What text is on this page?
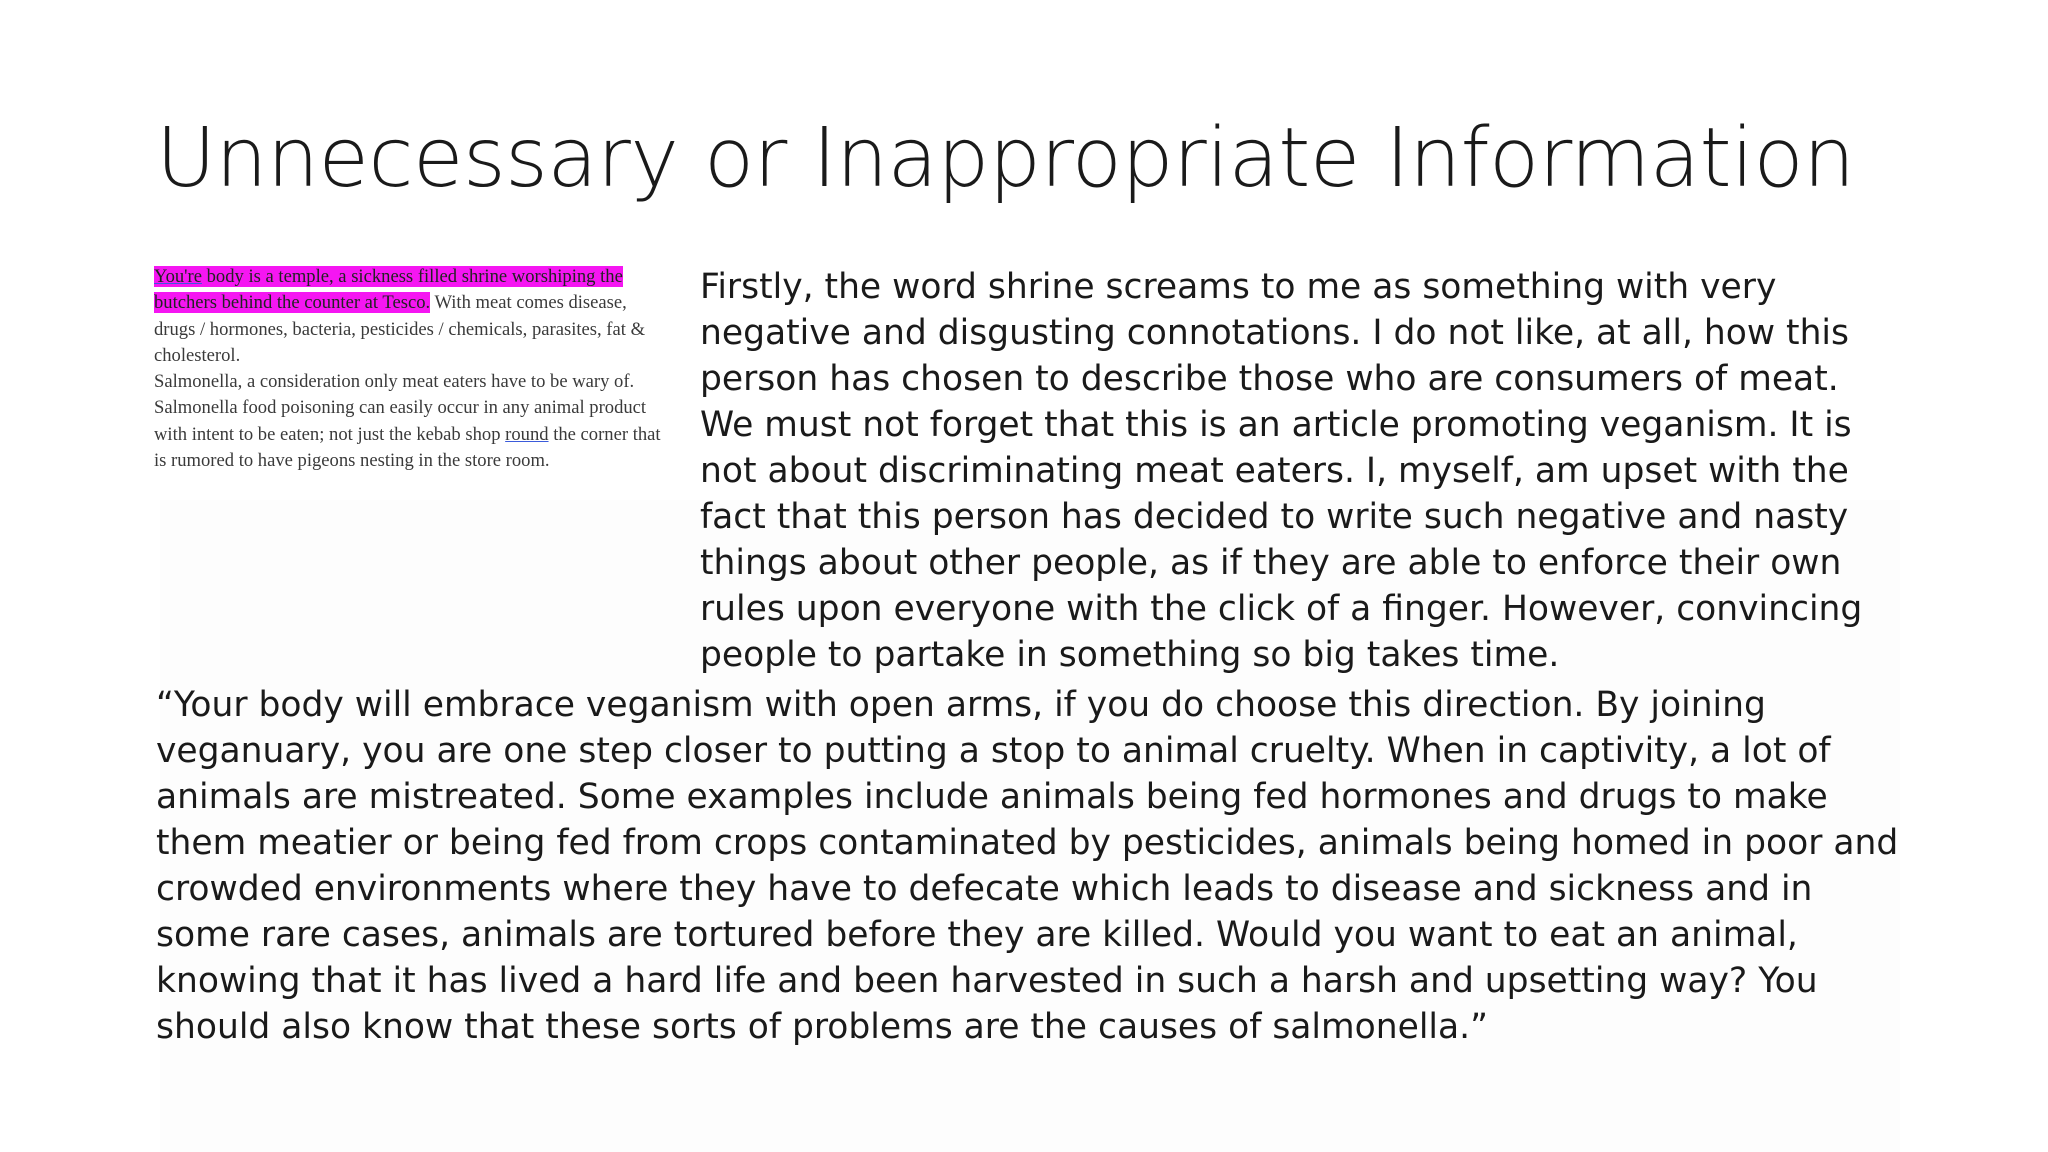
Unnecessary or Inappropriate Information
You're body is a temple, a sickness filled shrine worshiping the butchers behind the counter at Tesco. With meat comes disease, drugs / hormones, bacteria, pesticides / chemicals, parasites, fat & cholesterol.
Salmonella, a consideration only meat eaters have to be wary of. Salmonella food poisoning can easily occur in any animal product with intent to be eaten; not just the kebab shop round the corner that is rumored to have pigeons nesting in the store room.
Firstly, the word shrine screams to me as something with very negative and disgusting connotations. I do not like, at all, how this person has chosen to describe those who are consumers of meat. We must not forget that this is an article promoting veganism. It is not about discriminating meat eaters. I, myself, am upset with the fact that this person has decided to write such negative and nasty things about other people, as if they are able to enforce their own rules upon everyone with the click of a finger. However, convincing people to partake in something so big takes time.
“Your body will embrace veganism with open arms, if you do choose this direction. By joining veganuary, you are one step closer to putting a stop to animal cruelty. When in captivity, a lot of animals are mistreated. Some examples include animals being fed hormones and drugs to make them meatier or being fed from crops contaminated by pesticides, animals being homed in poor and crowded environments where they have to defecate which leads to disease and sickness and in some rare cases, animals are tortured before they are killed. Would you want to eat an animal, knowing that it has lived a hard life and been harvested in such a harsh and upsetting way? You should also know that these sorts of problems are the causes of salmonella.”
